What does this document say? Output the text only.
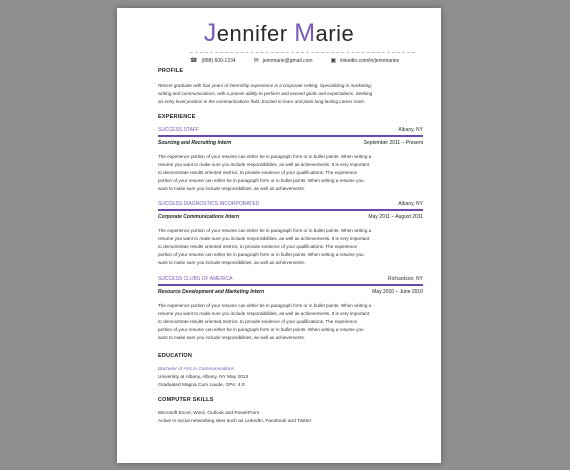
Jennifer Marie
☎ (888) 600-1234	✉ jennmarie@gmail.com	▣ linkedin.com/in/jennmariex
PROFILE
Recent graduate with four years of internship experience in a corporate setting. Specializing in marketing,
writing and communications, with a proven ability to perform and exceed goals and expectations. Seeking
an entry level position in the communications field. Excited to learn and plant long lasting career roots.
EXPERIENCE
SUCCESS STAFF	Albany, NY
Sourcing and Recruiting Intern	September 2011 – Present
The experience portion of your resume can either be in paragraph form or in bullet points. When writing a
resume you want to make sure you include responsibilities, as well as achievements. It is very important
to demonstrate results oriented metrics, to provide evidence of your qualifications. The experience
portion of your resume can either be in paragraph form or in bullet points. When writing a resume you
want to make sure you include responsibilities, as well as achievements.
SUCCESS DIAGNOSTICS INCORPORATED	Albany, NY
Corporate Communications Intern	May 2011 – August 2011
The experience portion of your resume can either be in paragraph form or in bullet points. When writing a
resume you want to make sure you include responsibilities, as well as achievements. It is very important
to demonstrate results oriented metrics, to provide evidence of your qualifications. The experience
portion of your resume can either be in paragraph form or in bullet points. When writing a resume you
want to make sure you include responsibilities, as well as achievements.
SUCCESS CLUBS OF AMERICA	Richardson, NY
Resource Development and Marketing Intern	May 2010 – June 2010
The experience portion of your resume can either be in paragraph form or in bullet points. When writing a
resume you want to make sure you include responsibilities, as well as achievements. It is very important
to demonstrate results oriented metrics, to provide evidence of your qualifications. The experience
portion of your resume can either be in paragraph form or in bullet points. When writing a resume you
want to make sure you include responsibilities, as well as achievements.
EDUCATION
Bachelor of Arts in Communications
University at Albany, Albany, NY May 2013
Graduated Magna Cum Laude, GPA: 4.0
COMPUTER SKILLS
Microsoft Excel, Word, Outlook and PowerPoint
Active in social networking sites such as LinkedIn, Facebook and Twitter
